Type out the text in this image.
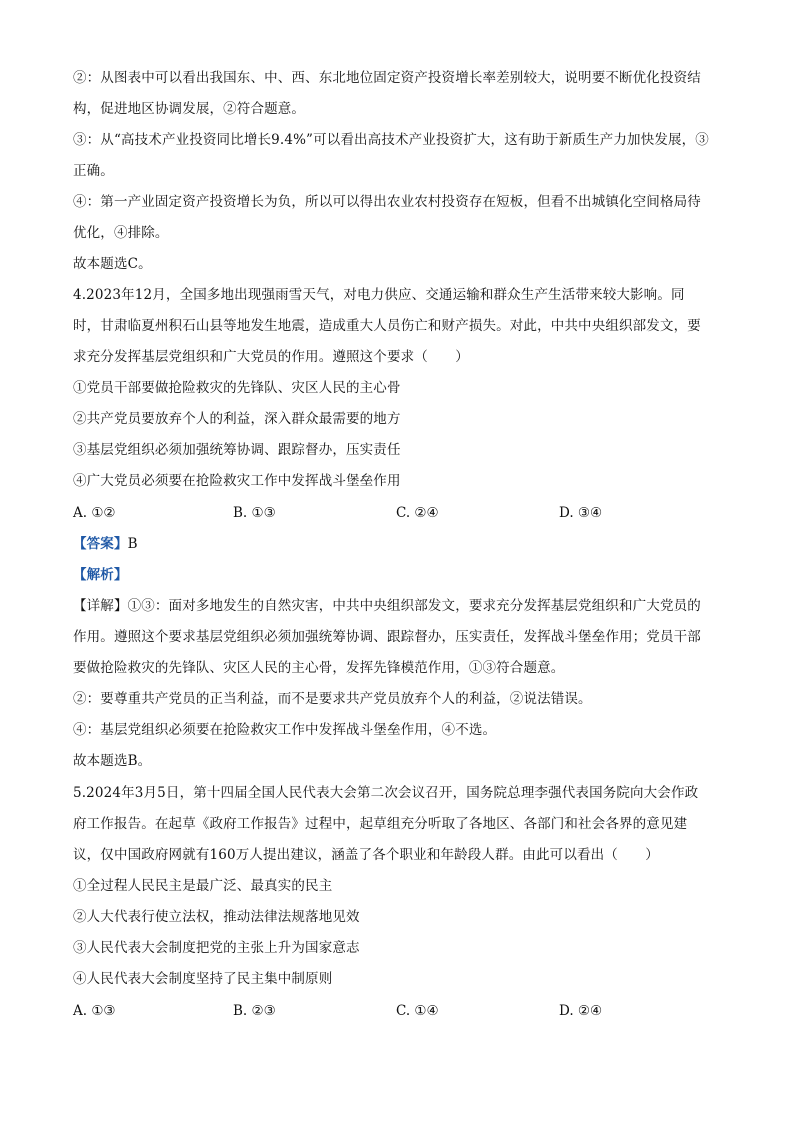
②：从图表中可以看出我国东、中、西、东北地位固定资产投资增长率差别较大，说明要不断优化投资结
构，促进地区协调发展，②符合题意。
③：从“高技术产业投资同比增长9.4%”可以看出高技术产业投资扩大，这有助于新质生产力加快发展，③
正确。
④：第一产业固定资产投资增长为负，所以可以得出农业农村投资存在短板，但看不出城镇化空间格局待
优化，④排除。
故本题选C。
4.2023年12月，全国多地出现强雨雪天气，对电力供应、交通运输和群众生产生活带来较大影响。同
时，甘肃临夏州积石山县等地发生地震，造成重大人员伤亡和财产损失。对此，中共中央组织部发文，要
求充分发挥基层党组织和广大党员的作用。遵照这个要求（　　）
①党员干部要做抢险救灾的先锋队、灾区人民的主心骨
②共产党员要放弃个人的利益，深入群众最需要的地方
③基层党组织必须加强统筹协调、跟踪督办，压实责任
④广大党员必须要在抢险救灾工作中发挥战斗堡垒作用
A. ①②	B. ①③	C. ②④	D. ③④
【答案】B
【解析】
【详解】①③：面对多地发生的自然灾害，中共中央组织部发文，要求充分发挥基层党组织和广大党员的
作用。遵照这个要求基层党组织必须加强统筹协调、跟踪督办，压实责任，发挥战斗堡垒作用；党员干部
要做抢险救灾的先锋队、灾区人民的主心骨，发挥先锋模范作用，①③符合题意。
②：要尊重共产党员的正当利益，而不是要求共产党员放弃个人的利益，②说法错误。
④：基层党组织必须要在抢险救灾工作中发挥战斗堡垒作用，④不选。
故本题选B。
5.2024年3月5日，第十四届全国人民代表大会第二次会议召开，国务院总理李强代表国务院向大会作政
府工作报告。在起草《政府工作报告》过程中，起草组充分听取了各地区、各部门和社会各界的意见建
议，仅中国政府网就有160万人提出建议，涵盖了各个职业和年龄段人群。由此可以看出（　　）
①全过程人民民主是最广泛、最真实的民主
②人大代表行使立法权，推动法律法规落地见效
③人民代表大会制度把党的主张上升为国家意志
④人民代表大会制度坚持了民主集中制原则
A. ①③	B. ②③	C. ①④	D. ②④
